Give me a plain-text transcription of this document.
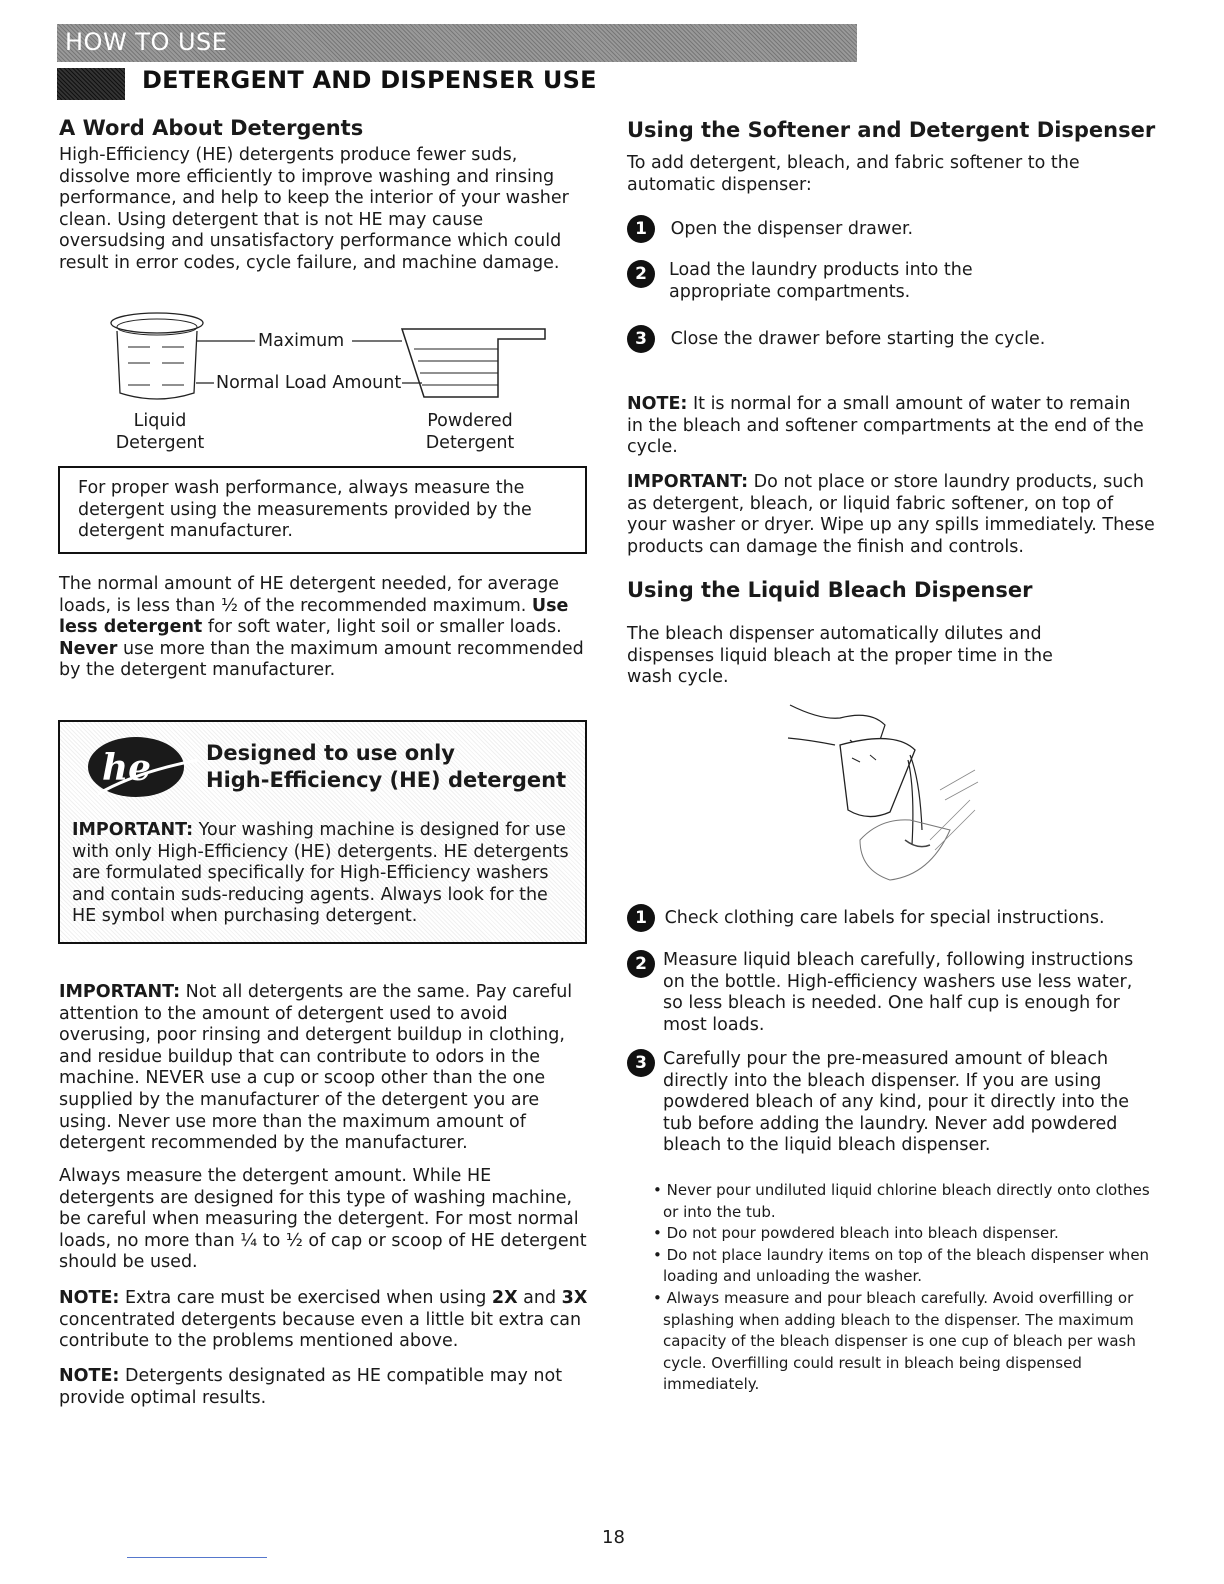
HOW TO USE
DETERGENT AND DISPENSER USE
A Word About Detergents

High-Efficiency (HE) detergents produce fewer suds, dissolve more efficiently to improve washing and rinsing performance, and help to keep the interior of your washer clean. Using detergent that is not HE may cause oversudsing and unsatisfactory performance which could result in error codes, cycle failure, and machine damage.

Maximum
Normal Load Amount
Liquid
Detergent
Powdered
Detergent

For proper wash performance, always measure the detergent using the measurements provided by the detergent manufacturer.

The normal amount of HE detergent needed, for average loads, is less than ½ of the recommended maximum. Use less detergent for soft water, light soil or smaller loads. Never use more than the maximum amount recommended by the detergent manufacturer.

he	Designed to use only
High-Efficiency (HE) detergent

IMPORTANT: Your washing machine is designed for use with only High-Efficiency (HE) detergents. HE detergents are formulated specifically for High-Efficiency washers and contain suds-reducing agents. Always look for the HE symbol when purchasing detergent.

IMPORTANT: Not all detergents are the same. Pay careful attention to the amount of detergent used to avoid overusing, poor rinsing and detergent buildup in clothing, and residue buildup that can contribute to odors in the machine. NEVER use a cup or scoop other than the one supplied by the manufacturer of the detergent you are using. Never use more than the maximum amount of detergent recommended by the manufacturer.

Always measure the detergent amount. While HE detergents are designed for this type of washing machine, be careful when measuring the detergent. For most normal loads, no more than ¼ to ½ of cap or scoop of HE detergent should be used.

NOTE: Extra care must be exercised when using 2X and 3X concentrated detergents because even a little bit extra can contribute to the problems mentioned above.

NOTE: Detergents designated as HE compatible may not provide optimal results.

Using the Softener and Detergent Dispenser

To add detergent, bleach, and fabric softener to the automatic dispenser:

1 Open the dispenser drawer.
2	Load the laundry products into the appropriate compartments.
3 Close the drawer before starting the cycle.

NOTE: It is normal for a small amount of water to remain in the bleach and softener compartments at the end of the cycle.

IMPORTANT: Do not place or store laundry products, such as detergent, bleach, or liquid fabric softener, on top of your washer or dryer. Wipe up any spills immediately. These products can damage the finish and controls.

Using the Liquid Bleach Dispenser

The bleach dispenser automatically dilutes and dispenses liquid bleach at the proper time in the wash cycle.

1 Check clothing care labels for special instructions.
2 Measure liquid bleach carefully, following instructions on the bottle. High-efficiency washers use less water, so less bleach is needed. One half cup is enough for most loads.
3 Carefully pour the pre-measured amount of bleach directly into the bleach dispenser. If you are using powdered bleach of any kind, pour it directly into the tub before adding the laundry. Never add powdered bleach to the liquid bleach dispenser.
• Never pour undiluted liquid chlorine bleach directly onto clothes or into the tub.
• Do not pour powdered bleach into bleach dispenser.
• Do not place laundry items on top of the bleach dispenser when loading and unloading the washer.
• Always measure and pour bleach carefully. Avoid overfilling or splashing when adding bleach to the dispenser. The maximum capacity of the bleach dispenser is one cup of bleach per wash cycle. Overfilling could result in bleach being dispensed immediately.
18
